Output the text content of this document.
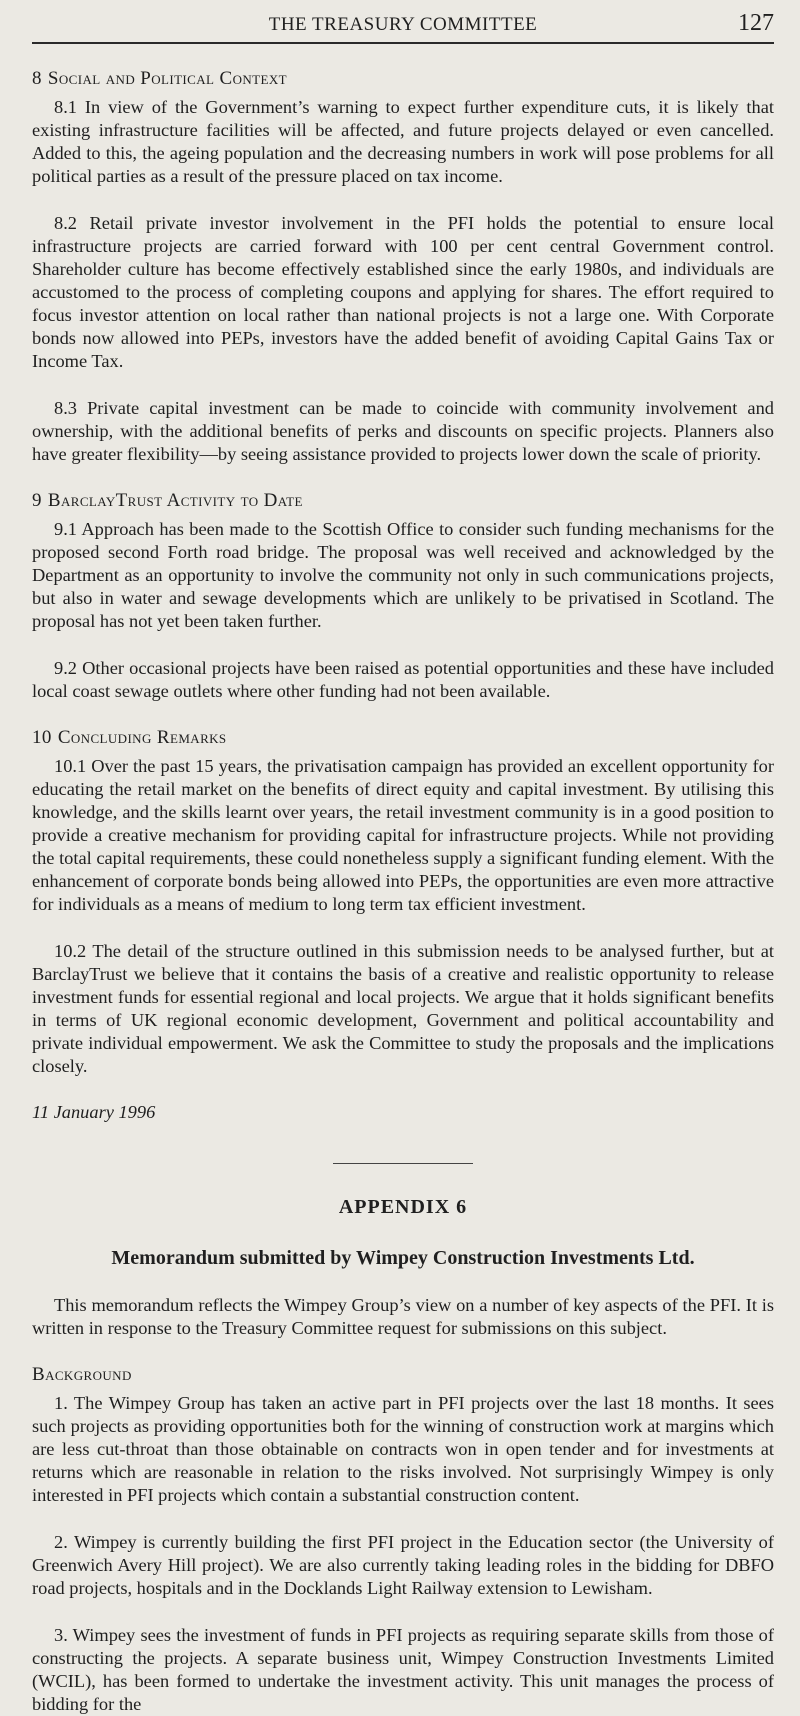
THE TREASURY COMMITTEE	127
8 Social and Political Context

8.1 In view of the Government’s warning to expect further expenditure cuts, it is likely that existing infrastructure facilities will be affected, and future projects delayed or even cancelled. Added to this, the ageing population and the decreasing numbers in work will pose problems for all political parties as a result of the pressure placed on tax income.

8.2 Retail private investor involvement in the PFI holds the potential to ensure local infrastructure projects are carried forward with 100 per cent central Government control. Shareholder culture has become effectively established since the early 1980s, and individuals are accustomed to the process of completing coupons and applying for shares. The effort required to focus investor attention on local rather than national projects is not a large one. With Corporate bonds now allowed into PEPs, investors have the added benefit of avoiding Capital Gains Tax or Income Tax.

8.3 Private capital investment can be made to coincide with community involvement and ownership, with the additional benefits of perks and discounts on specific projects. Planners also have greater flexibility—by seeing assistance provided to projects lower down the scale of priority.

9 BarclayTrust Activity to Date

9.1 Approach has been made to the Scottish Office to consider such funding mechanisms for the proposed second Forth road bridge. The proposal was well received and acknowledged by the Department as an opportunity to involve the community not only in such communications projects, but also in water and sewage developments which are unlikely to be privatised in Scotland. The proposal has not yet been taken further.

9.2 Other occasional projects have been raised as potential opportunities and these have included local coast sewage outlets where other funding had not been available.

10 Concluding Remarks

10.1 Over the past 15 years, the privatisation campaign has provided an excellent opportunity for educating the retail market on the benefits of direct equity and capital investment. By utilising this knowledge, and the skills learnt over years, the retail investment community is in a good position to provide a creative mechanism for providing capital for infrastructure projects. While not providing the total capital requirements, these could nonetheless supply a significant funding element. With the enhancement of corporate bonds being allowed into PEPs, the opportunities are even more attractive for individuals as a means of medium to long term tax efficient investment.

10.2 The detail of the structure outlined in this submission needs to be analysed further, but at BarclayTrust we believe that it contains the basis of a creative and realistic opportunity to release investment funds for essential regional and local projects. We argue that it holds significant benefits in terms of UK regional economic development, Government and political accountability and private individual empowerment. We ask the Committee to study the proposals and the implications closely.

11 January 1996
APPENDIX 6
Memorandum submitted by Wimpey Construction Investments Ltd.

This memorandum reflects the Wimpey Group’s view on a number of key aspects of the PFI. It is written in response to the Treasury Committee request for submissions on this subject.

Background

1. The Wimpey Group has taken an active part in PFI projects over the last 18 months. It sees such projects as providing opportunities both for the winning of construction work at margins which are less cut-throat than those obtainable on contracts won in open tender and for investments at returns which are reasonable in relation to the risks involved. Not surprisingly Wimpey is only interested in PFI projects which contain a substantial construction content.

2. Wimpey is currently building the first PFI project in the Education sector (the University of Greenwich Avery Hill project). We are also currently taking leading roles in the bidding for DBFO road projects, hospitals and in the Docklands Light Railway extension to Lewisham.

3. Wimpey sees the investment of funds in PFI projects as requiring separate skills from those of constructing the projects. A separate business unit, Wimpey Construction Investments Limited (WCIL), has been formed to undertake the investment activity. This unit manages the process of bidding for the
